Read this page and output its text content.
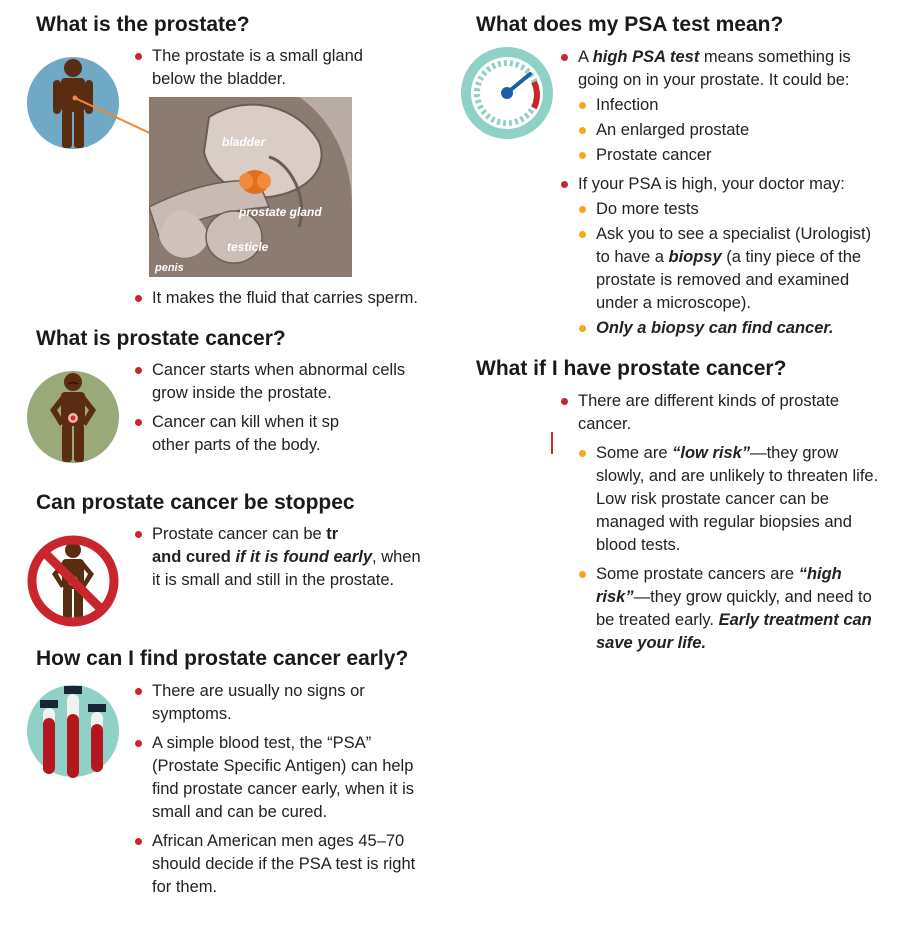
What is the prostate?
The prostate is a small gland below the bladder.
bladder
prostate gland
testicle
penis
It makes the fluid that carries sperm.
What is prostate cancer?
Cancer starts when abnormal cells grow inside the prostate.
Cancer can kill when it sp
other parts of the body.
Can prostate cancer be stoppec
Prostate cancer can be tr
and cured if it is found early, when it is small and still in the prostate.
How can I find prostate cancer early?
There are usually no signs or symptoms.
A simple blood test, the “PSA” (Prostate Specific Antigen) can help find prostate cancer early, when it is small and can be cured.
African American men ages 45–70 should decide if the PSA test is right for them.
What does my PSA test mean?
A high PSA test means something is going on in your prostate. It could be:
Infection
An enlarged prostate
Prostate cancer
If your PSA is high, your doctor may:
Do more tests
Ask you to see a specialist (Urologist) to have a biopsy (a tiny piece of the prostate is removed and examined under a microscope).
Only a biopsy can find cancer.
What if I have prostate cancer?
There are different kinds of prostate cancer.
Some are “low risk”—they grow slowly, and are unlikely to threaten life.
Low risk prostate cancer can be managed with regular biopsies and blood tests.
Some prostate cancers are “high risk”—they grow quickly, and need to be treated early. Early treatment can save your life.
